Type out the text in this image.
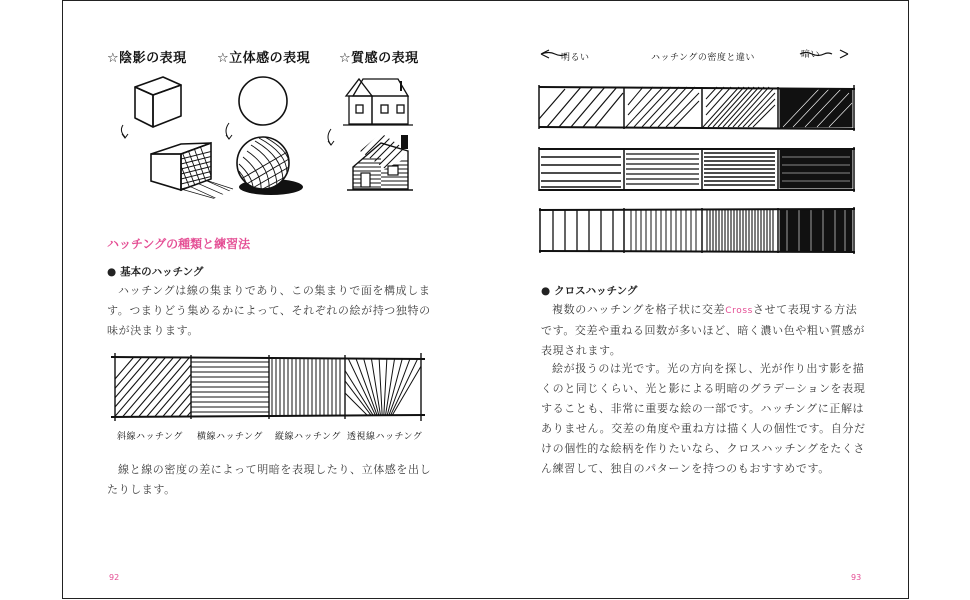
☆陰影の表現 ☆立体感の表現 ☆質感の表現
ハッチングの種類と練習法
● 基本のハッチング

ハッチングは線の集まりであり、この集まりで面を構成します。つまりどう集めるかによって、それぞれの絵が持つ独特の味が決まります。

斜線ハッチング 横線ハッチング 縦線ハッチング 透視線ハッチング

線と線の密度の差によって明暗を表現したり、立体感を出したりします。

92
明るい	ハッチングの密度と違い	暗い
● クロスハッチング

複数のハッチングを格子状に交差Crossさせて表現する方法です。交差や重ねる回数が多いほど、暗く濃い色や粗い質感が表現されます。

絵が扱うのは光です。光の方向を探し、光が作り出す影を描くのと同じくらい、光と影による明暗のグラデーションを表現することも、非常に重要な絵の一部です。ハッチングに正解はありません。交差の角度や重ね方は描く人の個性です。自分だけの個性的な絵柄を作りたいなら、クロスハッチングをたくさん練習して、独自のパターンを持つのもおすすめです。

93
